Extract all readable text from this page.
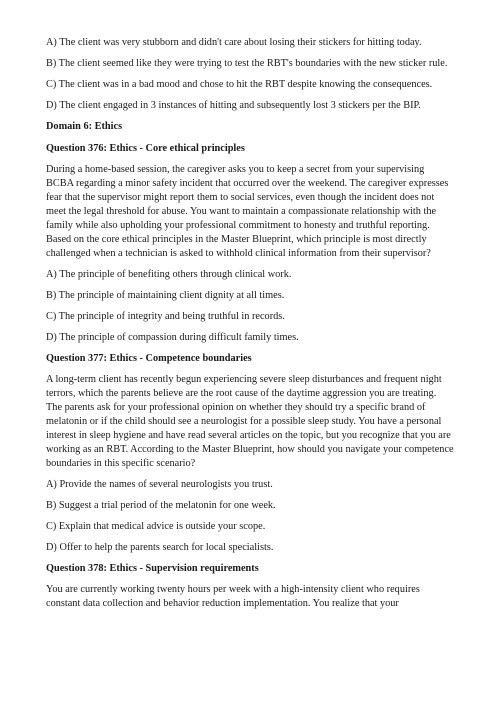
A) The client was very stubborn and didn't care about losing their stickers for hitting today.

B) The client seemed like they were trying to test the RBT's boundaries with the new sticker rule.

C) The client was in a bad mood and chose to hit the RBT despite knowing the consequences.

D) The client engaged in 3 instances of hitting and subsequently lost 3 stickers per the BIP.

Domain 6: Ethics

Question 376: Ethics - Core ethical principles

During a home-based session, the caregiver asks you to keep a secret from your supervising BCBA regarding a minor safety incident that occurred over the weekend. The caregiver expresses fear that the supervisor might report them to social services, even though the incident does not meet the legal threshold for abuse. You want to maintain a compassionate relationship with the family while also upholding your professional commitment to honesty and truthful reporting. Based on the core ethical principles in the Master Blueprint, which principle is most directly challenged when a technician is asked to withhold clinical information from their supervisor?

A) The principle of benefiting others through clinical work.

B) The principle of maintaining client dignity at all times.

C) The principle of integrity and being truthful in records.

D) The principle of compassion during difficult family times.

Question 377: Ethics - Competence boundaries

A long-term client has recently begun experiencing severe sleep disturbances and frequent night terrors, which the parents believe are the root cause of the daytime aggression you are treating. The parents ask for your professional opinion on whether they should try a specific brand of melatonin or if the child should see a neurologist for a possible sleep study. You have a personal interest in sleep hygiene and have read several articles on the topic, but you recognize that you are working as an RBT. According to the Master Blueprint, how should you navigate your competence boundaries in this specific scenario?

A) Provide the names of several neurologists you trust.

B) Suggest a trial period of the melatonin for one week.

C) Explain that medical advice is outside your scope.

D) Offer to help the parents search for local specialists.

Question 378: Ethics - Supervision requirements

You are currently working twenty hours per week with a high-intensity client who requires constant data collection and behavior reduction implementation. You realize that your
